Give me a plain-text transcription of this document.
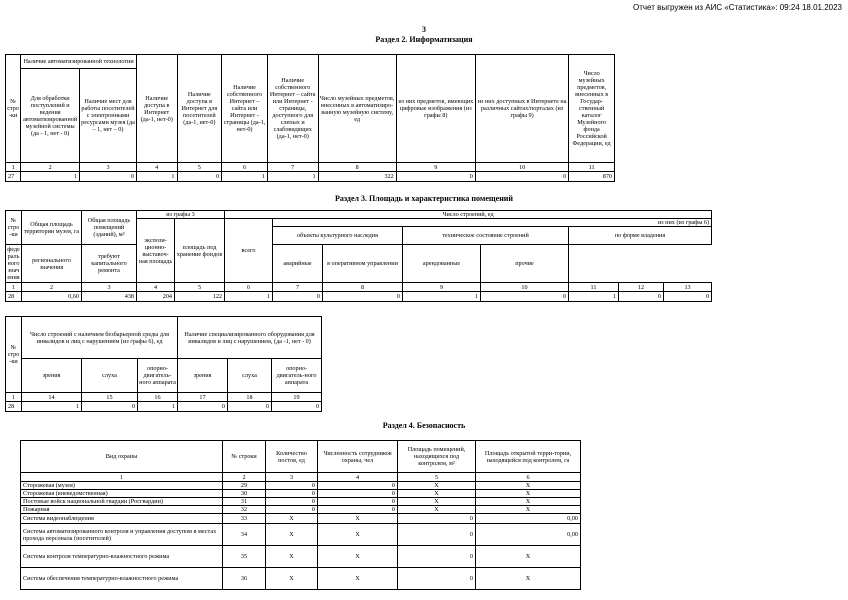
Отчет выгружен из АИС «Статистика»: 09:24 18.01.2023
3
Раздел 2. Информатизация
№ стро-ки	Наличие автоматизированной технологии		Наличие доступа в Интернет (да-1, нет-0)	Наличие доступа в Интернет для посетителей (да-1, нет-0)	Наличие собственного Интернет – сайта или Интернет - страницы (да-1, нет-0)	Наличие собственного Интернет – сайта или Интернет - страницы, доступного для слепых и слабовидящих (да-1, нет-0)	Число музейных предметов, внесенных в автоматизиро-ванную музейную систему, ед	из них предметов, имеющих цифровые изображения (из графы 8)	из них доступных в Интернете на различных сайтах/порталах (из графы 9)	Число музейных предметов, внесенных в Государ-ственный каталог Музейного фонда Российской Федерации, ед
	Для обработки поступлений и ведения автоматизированной музейной системы (да - 1, нет - 0)	Наличие мест для работы посетителей с электронными ресурсами музея (да – 1, нет – 0)								
1	2	3	4	5	6	7	8	9	10	11
27	1	0	1	0	1	1	322	0	0	870
Раздел 3. Площадь и характеристика помещений
№ стро-ки	Общая площадь территории музея, га	Общая площадь помещений (зданий), м²	из графы 3		Число строений, ед							
			экспози-ционно-выставоч-ная площадь	площадь под хранение фондов	всего	из них (из графы 6)						
						объекты культурного наследия		техническое состояние строений		по форме владения		
федерального значения	регионального значения	требуют капитального ремонта				аварийные	в оперативном управлении	арендованные	прочие			
1	2	3	4	5	6	7	8	9	10	11	12	13
28	0,60	438	204	122	1	0	0	1	0	1	0	0
№ стро-ки	Число строений с наличием безбарьерной среды для инвалидов и лиц с нарушением (из графы 6), ед			Наличие специализированного оборудования для инвалидов и лиц с нарушением, (да -1, нет - 0)		
	зрения	слуха	опорно-двигатель-ного аппарата	зрения	слуха	опорно-двигатель-ного аппарата
1	14	15	16	17	18	19
28	1	0	1	0	0	0
Раздел 4. Безопасность
Вид охраны	№ строки	Количество постов, ед	Численность сотрудников охраны, чел	Площадь помещений, находящихся под контролем, м²	Площадь открытой терри-тории, находящейся под контролем, га
1	2	3	4	5	6
Сторожевая (музея)	29	0	0	X	X
Сторожевая (вневедомственная)	30	0	0	X	X
Постовые войск национальной гвардии (Росгвардии)	31	0	0	X	X
Пожарная	32	0	0	X	X
Система видеонаблюдения	33	X	X	0	0,00
Система автоматизированного контроля и управления доступом в местах прохода персонала (посетителей)	34	X	X	0	0,00
Система контроля температурно-влажностного режима	35	X	X	0	X
Система обеспечения температурно-влажностного режима	36	X	X	0	X
